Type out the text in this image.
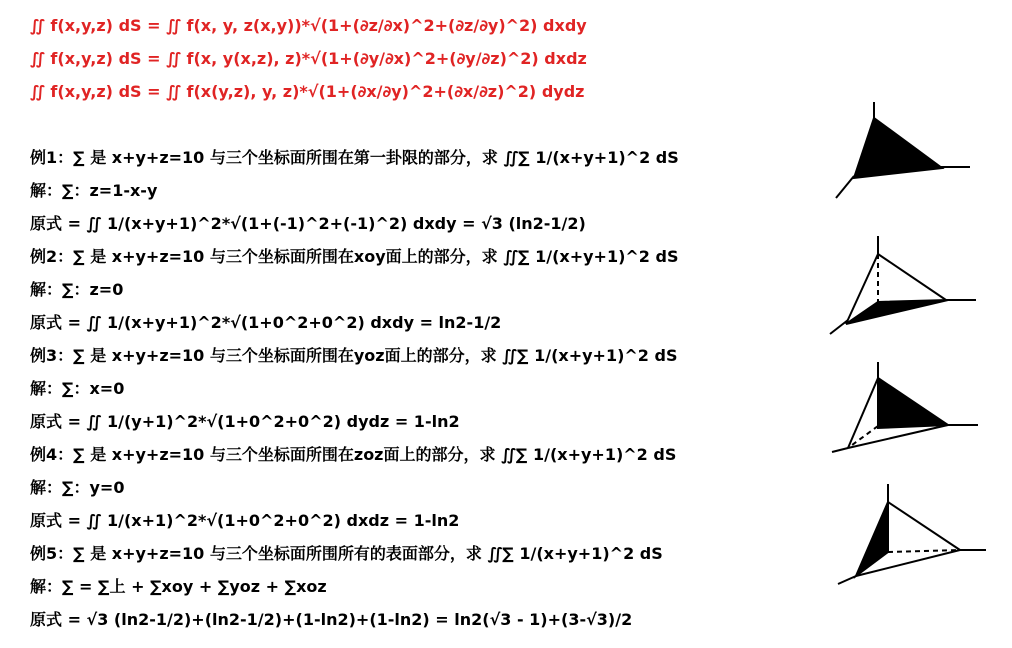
∬ f(x,y,z) dS = ∬ f(x, y, z(x,y))*√(1+(∂z/∂x)^2+(∂z/∂y)^2) dxdy
∬ f(x,y,z) dS = ∬ f(x, y(x,z), z)*√(1+(∂y/∂x)^2+(∂y/∂z)^2) dxdz
∬ f(x,y,z) dS = ∬ f(x(y,z), y, z)*√(1+(∂x/∂y)^2+(∂x/∂z)^2) dydz
例1：∑ 是 x+y+z=10 与三个坐标面所围在第一卦限的部分，求 ∬∑ 1/(x+y+1)^2 dS
解：∑：z=1-x-y
原式 = ∬ 1/(x+y+1)^2*√(1+(-1)^2+(-1)^2) dxdy = √3 (ln2-1/2)
例2：∑ 是 x+y+z=10 与三个坐标面所围在xoy面上的部分，求 ∬∑ 1/(x+y+1)^2 dS
解：∑：z=0
原式 = ∬ 1/(x+y+1)^2*√(1+0^2+0^2) dxdy = ln2-1/2
例3：∑ 是 x+y+z=10 与三个坐标面所围在yoz面上的部分，求 ∬∑ 1/(x+y+1)^2 dS
解：∑：x=0
原式 = ∬ 1/(y+1)^2*√(1+0^2+0^2) dydz = 1-ln2
例4：∑ 是 x+y+z=10 与三个坐标面所围在zoz面上的部分，求 ∬∑ 1/(x+y+1)^2 dS
解：∑：y=0
原式 = ∬ 1/(x+1)^2*√(1+0^2+0^2) dxdz = 1-ln2
例5：∑ 是 x+y+z=10 与三个坐标面所围所有的表面部分，求 ∬∑ 1/(x+y+1)^2 dS
解：∑ = ∑上 + ∑xoy + ∑yoz + ∑xoz
原式 = √3 (ln2-1/2)+(ln2-1/2)+(1-ln2)+(1-ln2) = ln2(√3 - 1)+(3-√3)/2
